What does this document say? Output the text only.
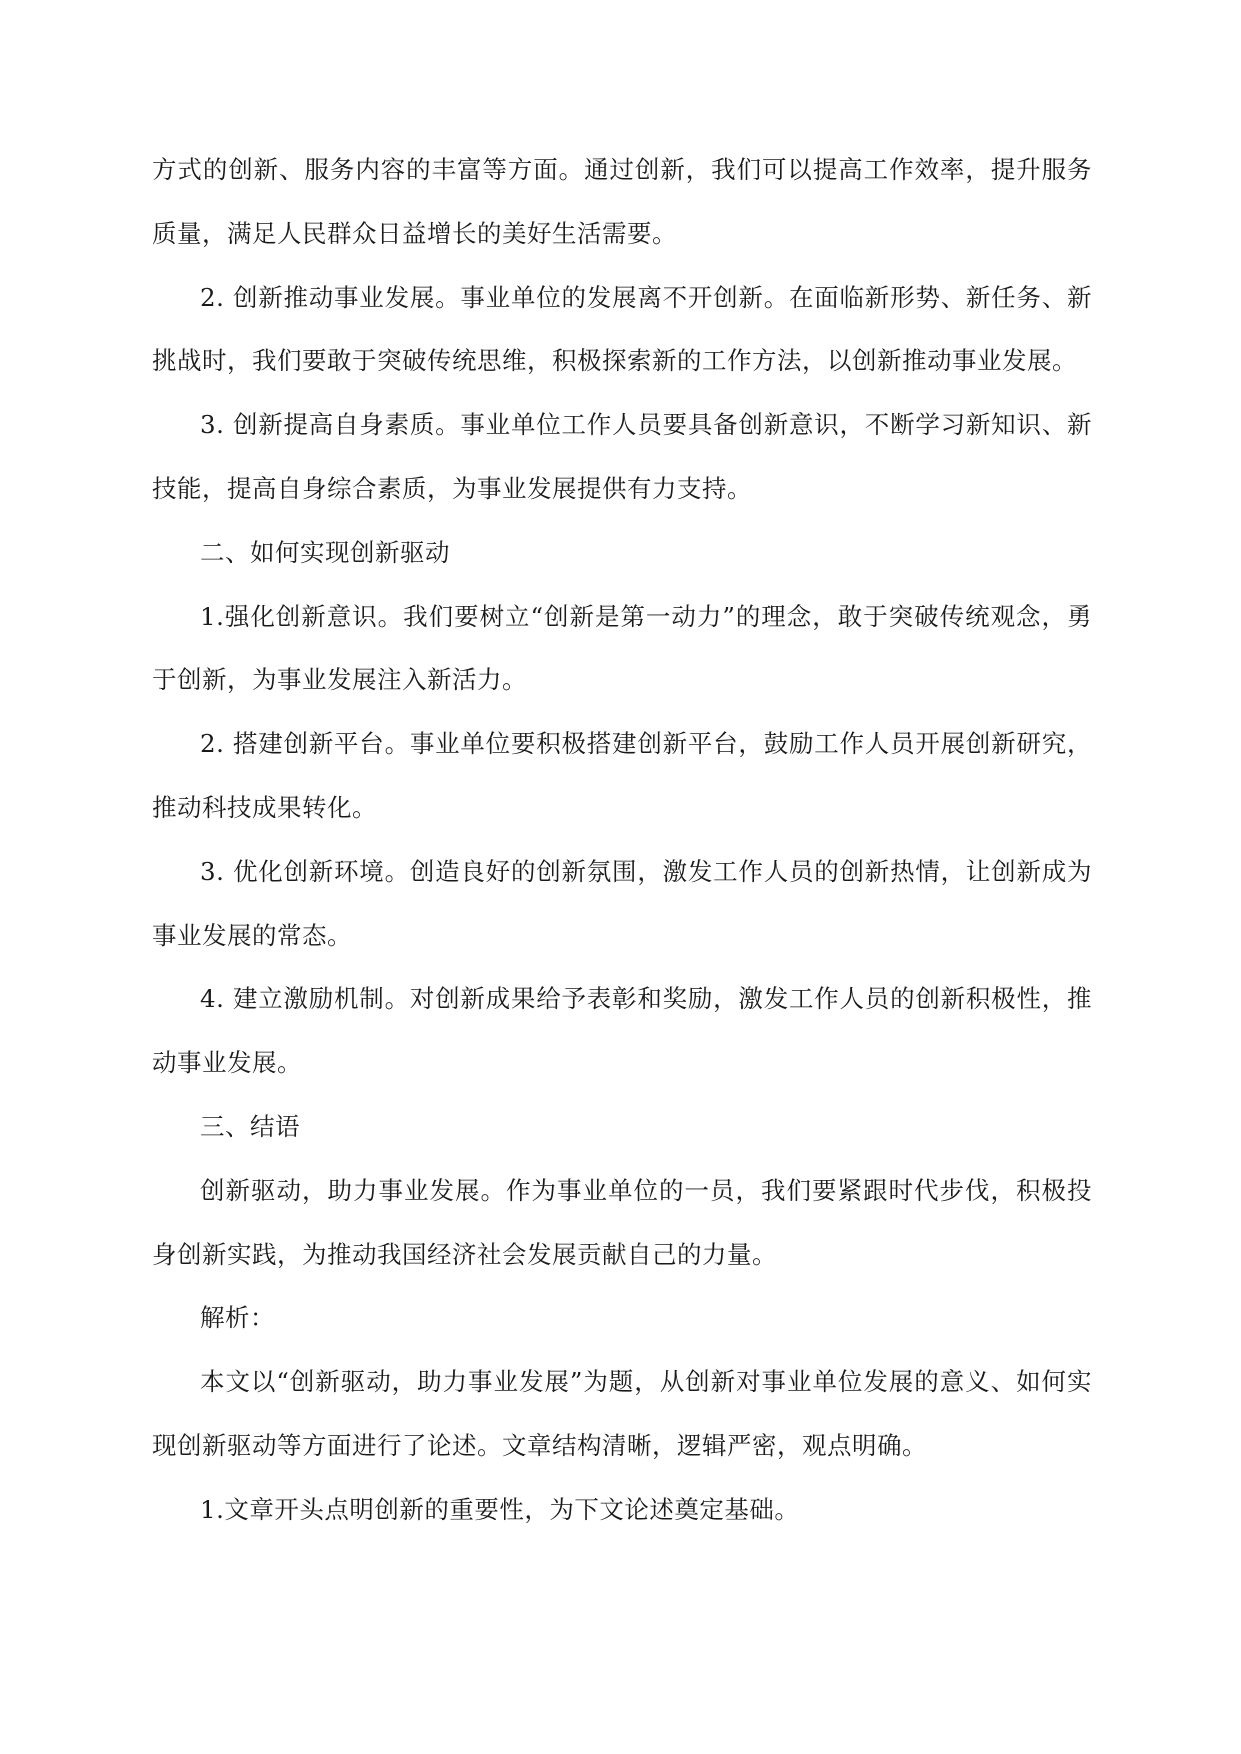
方式的创新、服务内容的丰富等方面。通过创新，我们可以提高工作效率，提升服务质量，满足人民群众日益增长的美好生活需要。

2. 创新推动事业发展。事业单位的发展离不开创新。在面临新形势、新任务、新挑战时，我们要敢于突破传统思维，积极探索新的工作方法，以创新推动事业发展。

3. 创新提高自身素质。事业单位工作人员要具备创新意识，不断学习新知识、新技能，提高自身综合素质，为事业发展提供有力支持。

二、如何实现创新驱动

1.强化创新意识。我们要树立“创新是第一动力”的理念，敢于突破传统观念，勇于创新，为事业发展注入新活力。

2. 搭建创新平台。事业单位要积极搭建创新平台，鼓励工作人员开展创新研究，推动科技成果转化。

3. 优化创新环境。创造良好的创新氛围，激发工作人员的创新热情，让创新成为事业发展的常态。

4. 建立激励机制。对创新成果给予表彰和奖励，激发工作人员的创新积极性，推动事业发展。

三、结语

创新驱动，助力事业发展。作为事业单位的一员，我们要紧跟时代步伐，积极投身创新实践，为推动我国经济社会发展贡献自己的力量。

解析：

本文以“创新驱动，助力事业发展”为题，从创新对事业单位发展的意义、如何实现创新驱动等方面进行了论述。文章结构清晰，逻辑严密，观点明确。

1.文章开头点明创新的重要性，为下文论述奠定基础。
